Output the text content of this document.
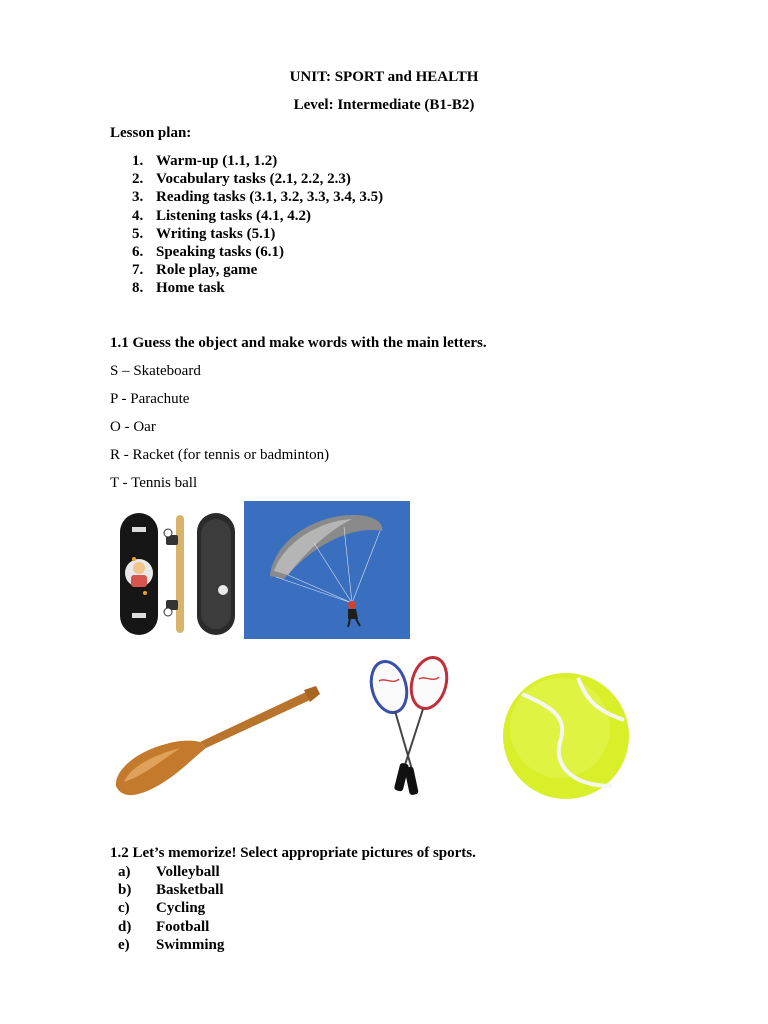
UNIT: SPORT and HEALTH
Level: Intermediate (B1-B2)
Lesson plan:
1. Warm-up (1.1, 1.2)
2. Vocabulary tasks (2.1, 2.2, 2.3)
3. Reading tasks (3.1, 3.2, 3.3, 3.4, 3.5)
4. Listening tasks (4.1, 4.2)
5. Writing tasks (5.1)
6. Speaking tasks (6.1)
7. Role play, game
8. Home task
1.1 Guess the object and make words with the main letters.
S – Skateboard
P - Parachute
O - Oar
R - Racket (for tennis or badminton)
T - Tennis ball
1.2 Let’s memorize! Select appropriate pictures of sports.
a) Volleyball
b) Basketball
c) Cycling
d) Football
e) Swimming
